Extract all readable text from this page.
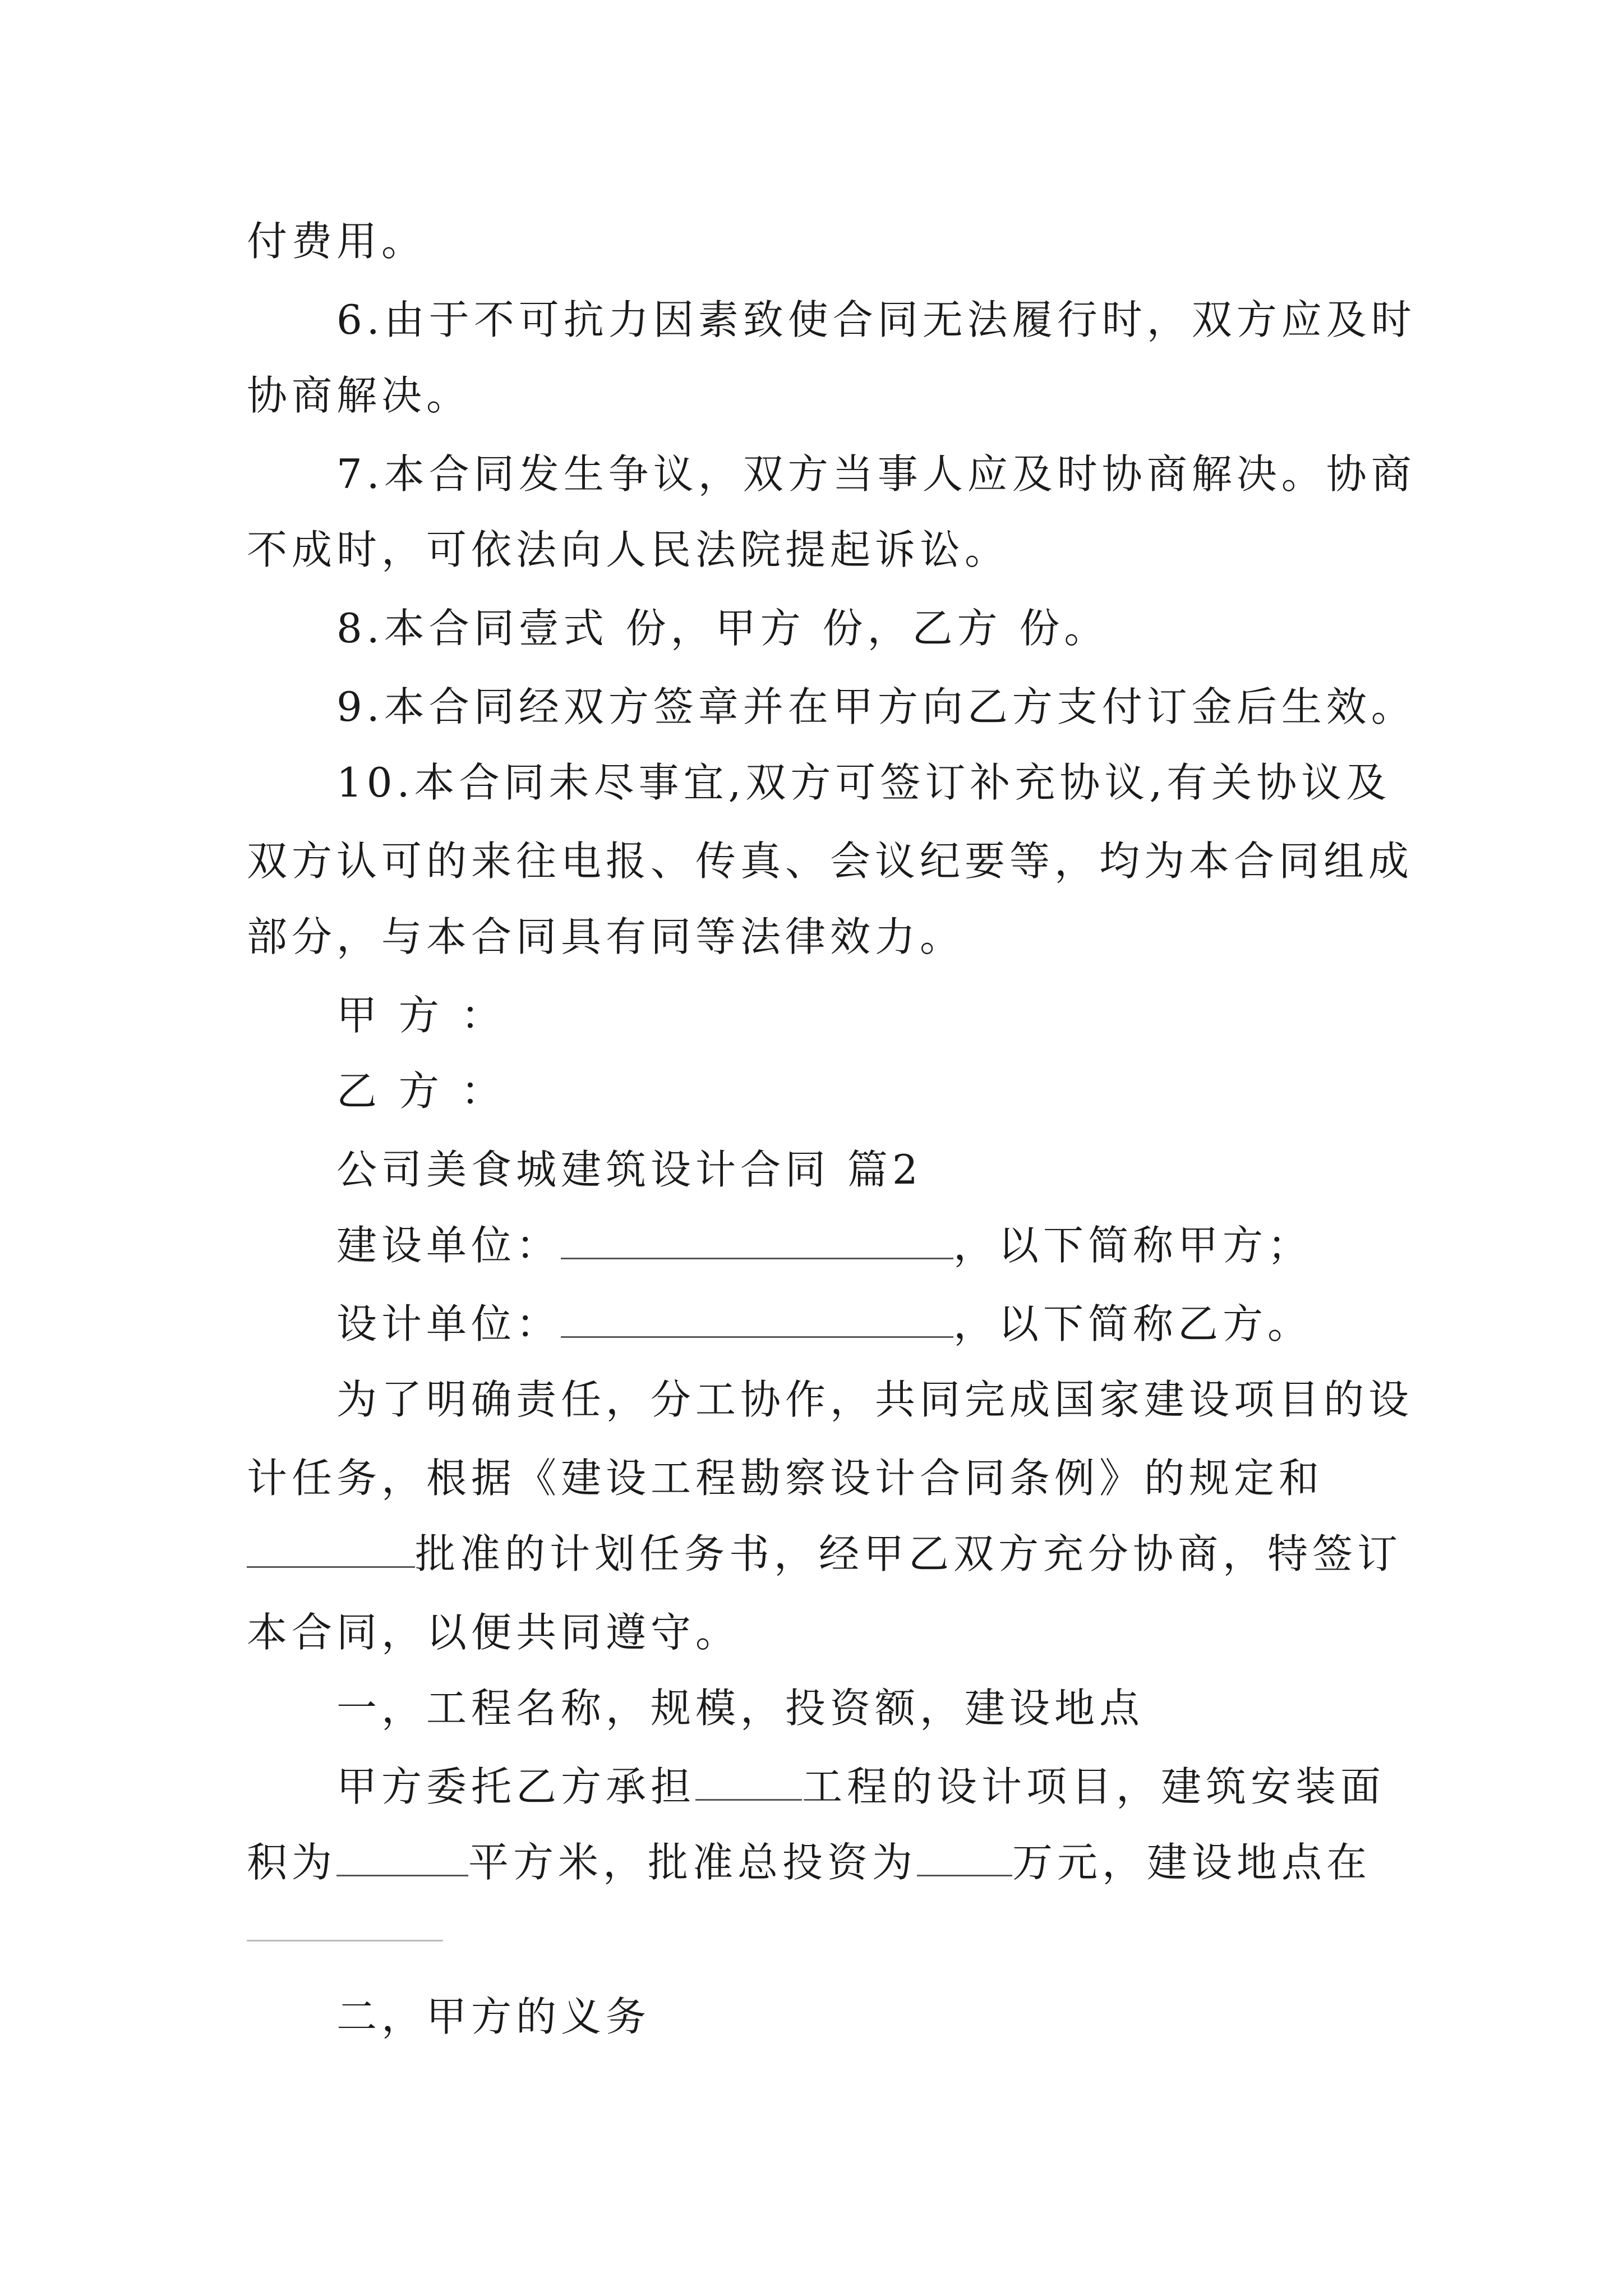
付费用。
6.由于不可抗力因素致使合同无法履行时，双方应及时
协商解决。
7.本合同发生争议，双方当事人应及时协商解决。协商
不成时，可依法向人民法院提起诉讼。
8.本合同壹式 份，甲方 份，乙方 份。
9.本合同经双方签章并在甲方向乙方支付订金后生效。
10.本合同未尽事宜,双方可签订补充协议,有关协议及
双方认可的来往电报、传真、会议纪要等，均为本合同组成
部分，与本合同具有同等法律效力。
甲 方 ：
乙 方 ：
公司美食城建筑设计合同 篇2
建设单位：	，以下简称甲方；
设计单位：	，以下简称乙方。
为了明确责任，分工协作，共同完成国家建设项目的设
计任务，根据《建设工程勘察设计合同条例》的规定和
批准的计划任务书，经甲乙双方充分协商，特签订
本合同，以便共同遵守。
一，工程名称，规模，投资额，建设地点
甲方委托乙方承担	工程的设计项目，建筑安装面
积为	平方米，批准总投资为 万元，建设地点在
二，甲方的义务
